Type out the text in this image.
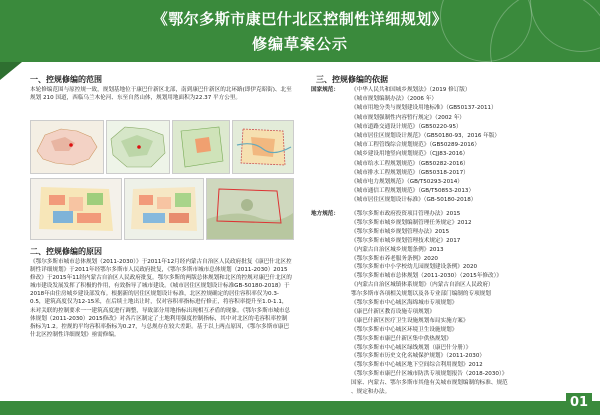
《鄂尔多斯市康巴什北区控制性详细规划》
修编草案公示
一、控规修编的范围
本轮修编范围与原控规一致，规划基地位于康巴什新区北部，南到康巴什新区的北环路(即伊克昭街)、北至规划 210 国道，西临乌兰木伦河、东至自然山体，规划用地面积为22.37 平方公里。
二、控规修编的原因
《鄂尔多斯市城市总体规划（2011-2030）》于2011年12月经内蒙古自治区人民政府批复《康巴什北区控制性详细规划》于2011年经鄂尔多斯市人民政府批复，《鄂尔多斯市城市总体规划（2011-2030）2015修改》于2015年11经内蒙古自治区人民政府批复。鄂尔多斯的两版总体规划和北区的控规对康巴什北区的城市建设发展发挥了积极的作用，有效指导了城市建设。《城市居住区规划设计标准GB-50180-2018》于2018年由住房城乡建设部发布。根据新的居住区规划设计标准，北区控规确定的居住容积率仅为0.3-0.5，建筑高度仅为12-15米，在后续土地出让时，仅对容积率指标进行修正，将容积率提升至1.0-1.1，未对关联的控制要求一一建筑高度进行调整，导致部分用地指标出现相互矛盾的现象。《鄂尔多斯市城市总体规划（2011-2030）2015修改》对各片区制定了土地利用强度控制指标，其中对北区的毛容积率控制指标为1.2。控规的平均容积率指标为0.27，与总规存在较大差距。基于以上两点原因，《鄂尔多斯市康巴什北区控制性详细规划》亟需修编。
三、控规修编的依据
国家规范： 《中华人民共和国城乡规划法》（2019 修订版）
《城市规划编制办法》（2006 年）
《城市用地分类与规划建设用地标准》（GB50137-2011）
《城市规划强制性内容暂行规定》（2002 年）
《城市道路交通设计规范》（GB50220-95）
《城市居住区规划设计规范》（GB50180-93，2016 年版）
《城市工程管线综合规划规范》（GB50289-2016）
《城乡建设用地竖向规划规范》（CJJ83-2016）
《城市给水工程规划规范》（GB50282-2016）
《城市排水工程规划规范》（GB50318-2017）
《城市电力规划规范》（GB/T50293-2014）
《城市通信工程规划规范》（GB/T50853-2013）
《城市居住区规划设计标准》（GB-50180-2018）
地方规范： 《鄂尔多斯市政府投资项目管理办法》2015
《鄂尔多斯市城乡规划编制管理任务规定》2012
《鄂尔多斯市城乡规划管理办法》2015
《鄂尔多斯市城乡规划管理技术规定》2017
《内蒙古自治区城乡规划条例》2013
《鄂尔多斯市养老服务条例》2020
《鄂尔多斯市中小学校幼儿园规划建设条例》2020
《鄂尔多斯市城市总体规划（2011-2030）（2015年修改）》
《内蒙古自治区城镇体系规划》（内蒙古自治区人民政府）
鄂尔多斯市各项相关规划以及各专业部门编制的专项规划
《鄂尔多斯市中心城区海绵城市专项规划》
《康巴什新区教育设施专项规划》
《康巴什新区医疗卫生设施规划布局实施方案》
《鄂尔多斯市中心城区环境卫生设施规划》
《鄂尔多斯市康巴什新区集中供热规划》
《鄂尔多斯市中心城区绿线规划（康巴什分册）》
《鄂尔多斯市历史文化名城保护规划》（2011-2030）
《鄂尔多斯市中心城区地下空间综合利用规划》2012
《鄂尔多斯市康巴什区城市防洪专项规划报告（2018-2030）》
国家、内蒙古、鄂尔多斯市其他有关城市规划编制的标准、规范
、规定和办法。
01
